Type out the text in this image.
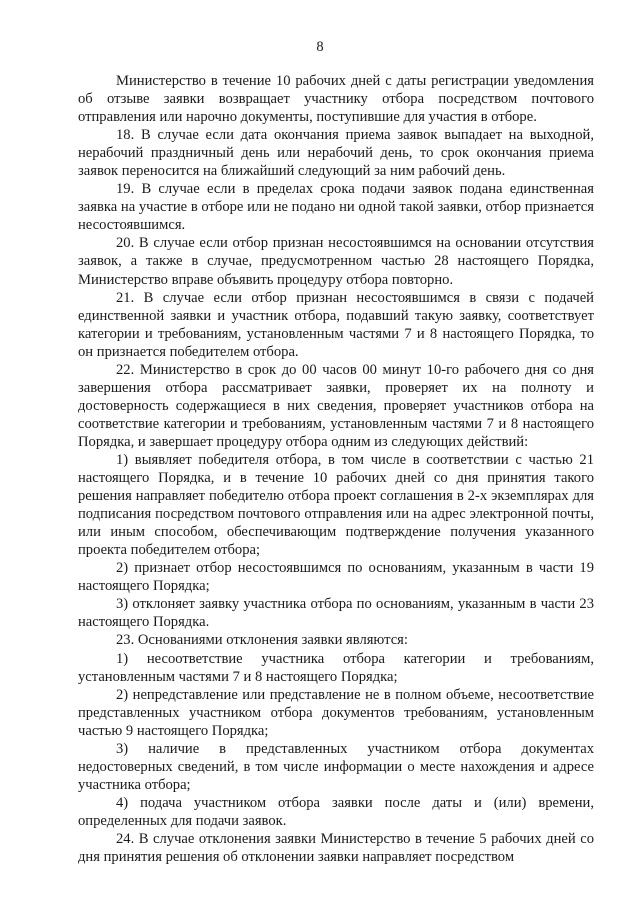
8

Министерство в течение 10 рабочих дней с даты регистрации уведомления об отзыве заявки возвращает участнику отбора посредством почтового отправления или нарочно документы, поступившие для участия в отборе.

18. В случае если дата окончания приема заявок выпадает на выходной, нерабочий праздничный день или нерабочий день, то срок окончания приема заявок переносится на ближайший следующий за ним рабочий день.

19. В случае если в пределах срока подачи заявок подана единственная заявка на участие в отборе или не подано ни одной такой заявки, отбор признается несостоявшимся.

20. В случае если отбор признан несостоявшимся на основании отсутствия заявок, а также в случае, предусмотренном частью 28 настоящего Порядка, Министерство вправе объявить процедуру отбора повторно.

21. В случае если отбор признан несостоявшимся в связи с подачей единственной заявки и участник отбора, подавший такую заявку, соответствует категории и требованиям, установленным частями 7 и 8 настоящего Порядка, то он признается победителем отбора.

22. Министерство в срок до 00 часов 00 минут 10-го рабочего дня со дня завершения отбора рассматривает заявки, проверяет их на полноту и достоверность содержащиеся в них сведения, проверяет участников отбора на соответствие категории и требованиям, установленным частями 7 и 8 настоящего Порядка, и завершает процедуру отбора одним из следующих действий:

1) выявляет победителя отбора, в том числе в соответствии с частью 21 настоящего Порядка, и в течение 10 рабочих дней со дня принятия такого решения направляет победителю отбора проект соглашения в 2-х экземплярах для подписания посредством почтового отправления или на адрес электронной почты, или иным способом, обеспечивающим подтверждение получения указанного проекта победителем отбора;

2) признает отбор несостоявшимся по основаниям, указанным в части 19 настоящего Порядка;

3) отклоняет заявку участника отбора по основаниям, указанным в части 23 настоящего Порядка.

23. Основаниями отклонения заявки являются:

1) несоответствие участника отбора категории и требованиям, установленным частями 7 и 8 настоящего Порядка;

2) непредставление или представление не в полном объеме, несоответствие представленных участником отбора документов требованиям, установленным частью 9 настоящего Порядка;

3) наличие в представленных участником отбора документах недостоверных сведений, в том числе информации о месте нахождения и адресе участника отбора;

4) подача участником отбора заявки после даты и (или) времени, определенных для подачи заявок.

24. В случае отклонения заявки Министерство в течение 5 рабочих дней со дня принятия решения об отклонении заявки направляет посредством
